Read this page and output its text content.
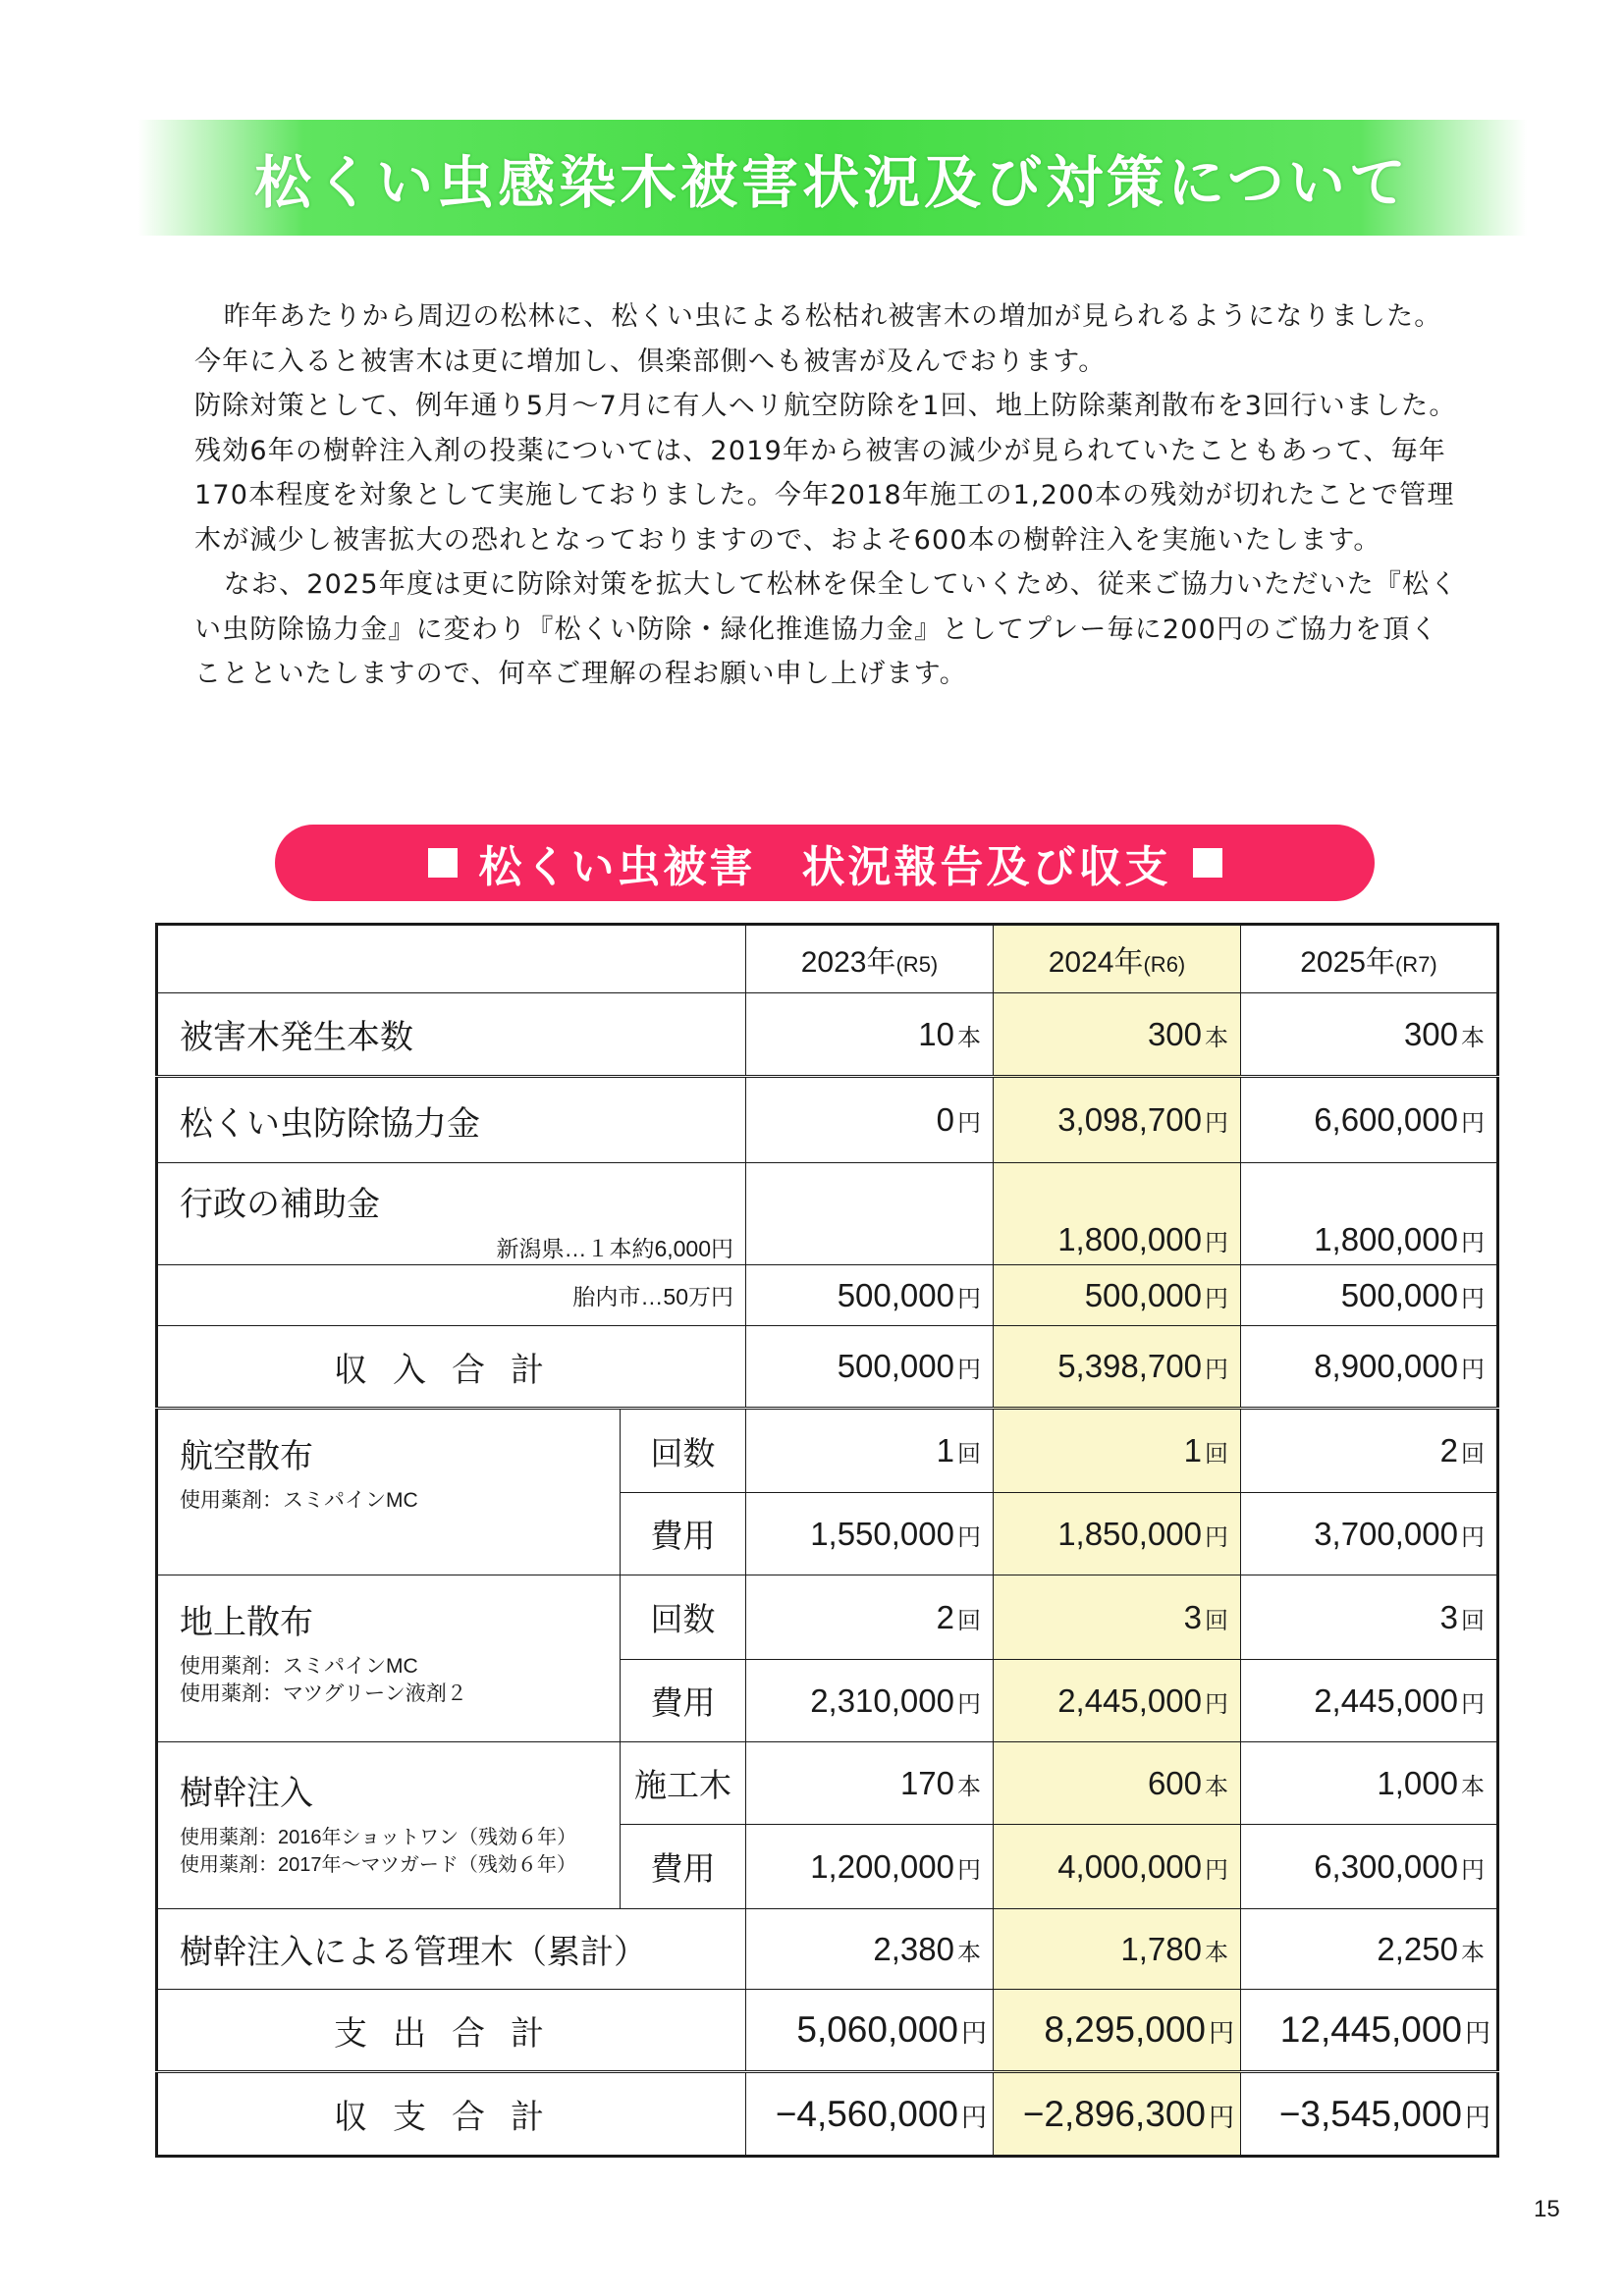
松くい虫感染木被害状況及び対策について

昨年あたりから周辺の松林に、松くい虫による松枯れ被害木の増加が見られるようになりました。今年に入ると被害木は更に増加し、倶楽部側へも被害が及んでおります。

防除対策として、例年通り5月～7月に有人ヘリ航空防除を1回、地上防除薬剤散布を3回行いました。残効6年の樹幹注入剤の投薬については、2019年から被害の減少が見られていたこともあって、毎年170本程度を対象として実施しておりました。今年2018年施工の1,200本の残効が切れたことで管理木が減少し被害拡大の恐れとなっておりますので、およそ600本の樹幹注入を実施いたします。

なお、2025年度は更に防除対策を拡大して松林を保全していくため、従来ご協力いただいた『松くい虫防除協力金』に変わり『松くい防除・緑化推進協力金』としてプレー毎に200円のご協力を頂くことといたしますので、何卒ご理解の程お願い申し上げます。

松くい虫被害　状況報告及び収支
		2023年(R5)	2024年(R6)	2025年(R7)
被害木発生本数		10 本	300 本	300 本
松くい虫防除協力金		0 円	3,098,700 円	6,600,000 円

行政の補助金
新潟県…１本約6,000円			1,800,000 円	1,800,000 円
胎内市…50万円		500,000 円	500,000 円	500,000 円
収入合計		500,000 円	5,398,700 円	8,900,000 円

航空散布
使用薬剤：スミパインMC	回数	1 回	1 回	2 回
	費用	1,550,000 円	1,850,000 円	3,700,000 円

地上散布
使用薬剤：スミパインMC
使用薬剤：マツグリーン液剤２	回数	2 回	3 回	3 回
	費用	2,310,000 円	2,445,000 円	2,445,000 円

樹幹注入
使用薬剤：2016年ショットワン（残効６年）
使用薬剤：2017年～マツガード（残効６年）	施工木	170 本	600 本	1,000 本
	費用	1,200,000 円	4,000,000 円	6,300,000 円
樹幹注入による管理木（累計）		2,380 本	1,780 本	2,250 本
支出合計		5,060,000 円	8,295,000 円	12,445,000 円
収支合計		−4,560,000 円	−2,896,300 円	−3,545,000 円
15
